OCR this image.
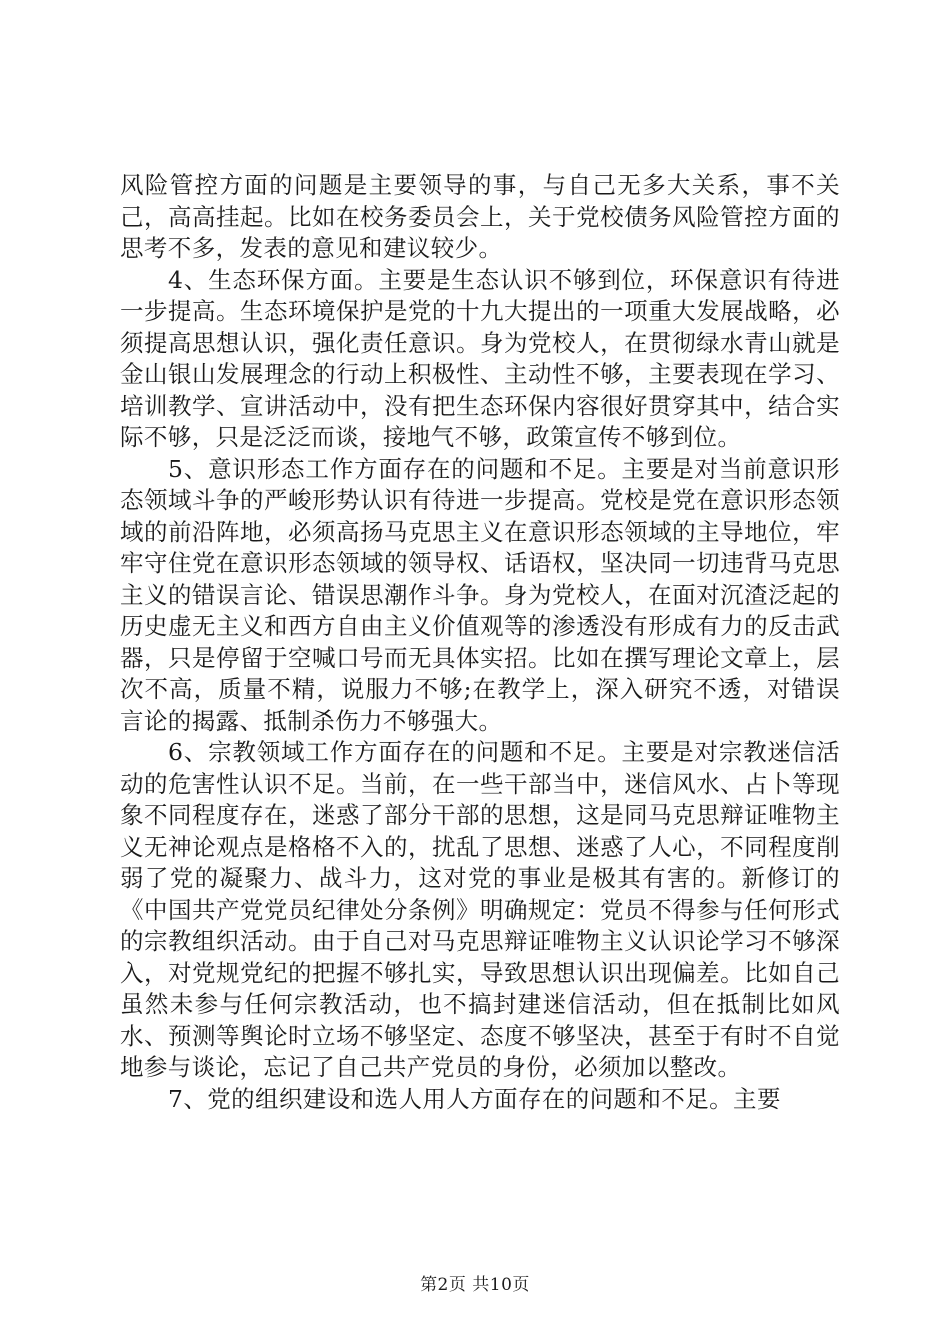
风险管控方面的问题是主要领导的事，与自己无多大关系，事不关己，高高挂起。比如在校务委员会上，关于党校债务风险管控方面的思考不多，发表的意见和建议较少。

4、生态环保方面。主要是生态认识不够到位，环保意识有待进一步提高。生态环境保护是党的十九大提出的一项重大发展战略，必须提高思想认识，强化责任意识。身为党校人，在贯彻绿水青山就是金山银山发展理念的行动上积极性、主动性不够，主要表现在学习、培训教学、宣讲活动中，没有把生态环保内容很好贯穿其中，结合实际不够，只是泛泛而谈，接地气不够，政策宣传不够到位。

5、意识形态工作方面存在的问题和不足。主要是对当前意识形态领域斗争的严峻形势认识有待进一步提高。党校是党在意识形态领域的前沿阵地，必须高扬马克思主义在意识形态领域的主导地位，牢牢守住党在意识形态领域的领导权、话语权，坚决同一切违背马克思主义的错误言论、错误思潮作斗争。身为党校人，在面对沉渣泛起的历史虚无主义和西方自由主义价值观等的渗透没有形成有力的反击武器，只是停留于空喊口号而无具体实招。比如在撰写理论文章上，层次不高，质量不精，说服力不够;在教学上，深入研究不透，对错误言论的揭露、抵制杀伤力不够强大。

6、宗教领域工作方面存在的问题和不足。主要是对宗教迷信活动的危害性认识不足。当前，在一些干部当中，迷信风水、占卜等现象不同程度存在，迷惑了部分干部的思想，这是同马克思辩证唯物主义无神论观点是格格不入的，扰乱了思想、迷惑了人心，不同程度削弱了党的凝聚力、战斗力，这对党的事业是极其有害的。新修订的《中国共产党党员纪律处分条例》明确规定：党员不得参与任何形式的宗教组织活动。由于自己对马克思辩证唯物主义认识论学习不够深入，对党规党纪的把握不够扎实，导致思想认识出现偏差。比如自己虽然未参与任何宗教活动，也不搞封建迷信活动，但在抵制比如风水、预测等舆论时立场不够坚定、态度不够坚决，甚至于有时不自觉地参与谈论，忘记了自己共产党员的身份，必须加以整改。

7、党的组织建设和选人用人方面存在的问题和不足。主要

第2页 共10页
